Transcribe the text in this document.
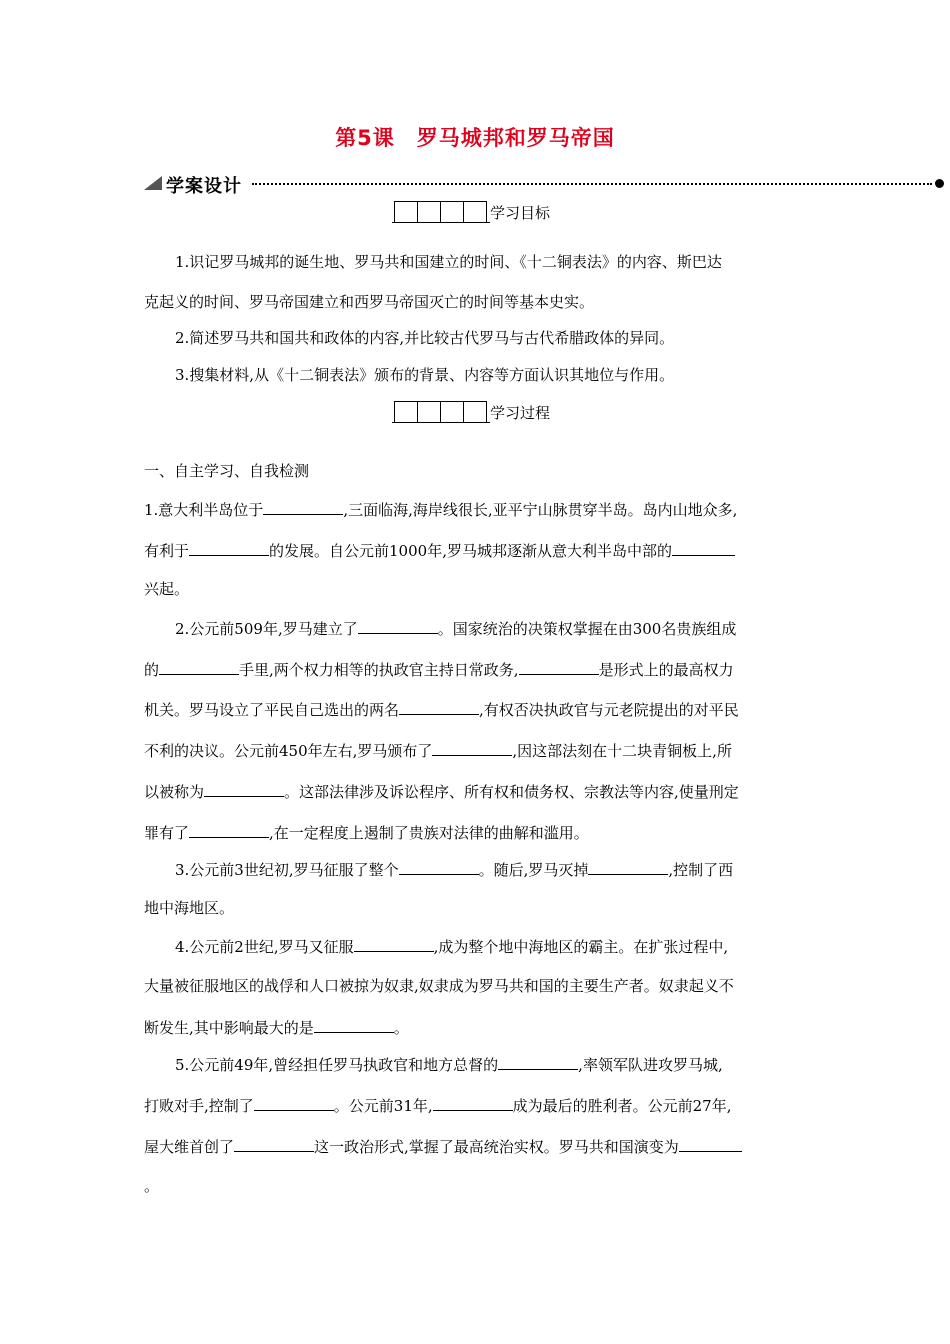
第5课　罗马城邦和罗马帝国
学案设计
学习目标
1.识记罗马城邦的诞生地、罗马共和国建立的时间、《十二铜表法》的内容、斯巴达
克起义的时间、罗马帝国建立和西罗马帝国灭亡的时间等基本史实。
2.简述罗马共和国共和政体的内容,并比较古代罗马与古代希腊政体的异同。
3.搜集材料,从《十二铜表法》颁布的背景、内容等方面认识其地位与作用。
学习过程
一、自主学习、自我检测
1.意大利半岛位于	,三面临海,海岸线很长,亚平宁山脉贯穿半岛。岛内山地众多,
有利于	的发展。自公元前1000年,罗马城邦逐渐从意大利半岛中部的
兴起。
2.公元前509年,罗马建立了	。国家统治的决策权掌握在由300名贵族组成
的	手里,两个权力相等的执政官主持日常政务,	是形式上的最高权力
机关。罗马设立了平民自己选出的两名	,有权否决执政官与元老院提出的对平民
不利的决议。公元前450年左右,罗马颁布了	,因这部法刻在十二块青铜板上,所
以被称为	。这部法律涉及诉讼程序、所有权和债务权、宗教法等内容,使量刑定
罪有了	,在一定程度上遏制了贵族对法律的曲解和滥用。
3.公元前3世纪初,罗马征服了整个	。随后,罗马灭掉	,控制了西
地中海地区。
4.公元前2世纪,罗马又征服	,成为整个地中海地区的霸主。在扩张过程中,
大量被征服地区的战俘和人口被掠为奴隶,奴隶成为罗马共和国的主要生产者。奴隶起义不
断发生,其中影响最大的是	。
5.公元前49年,曾经担任罗马执政官和地方总督的	,率领军队进攻罗马城,
打败对手,控制了	。公元前31年,	成为最后的胜利者。公元前27年,
屋大维首创了	这一政治形式,掌握了最高统治实权。罗马共和国演变为
。
